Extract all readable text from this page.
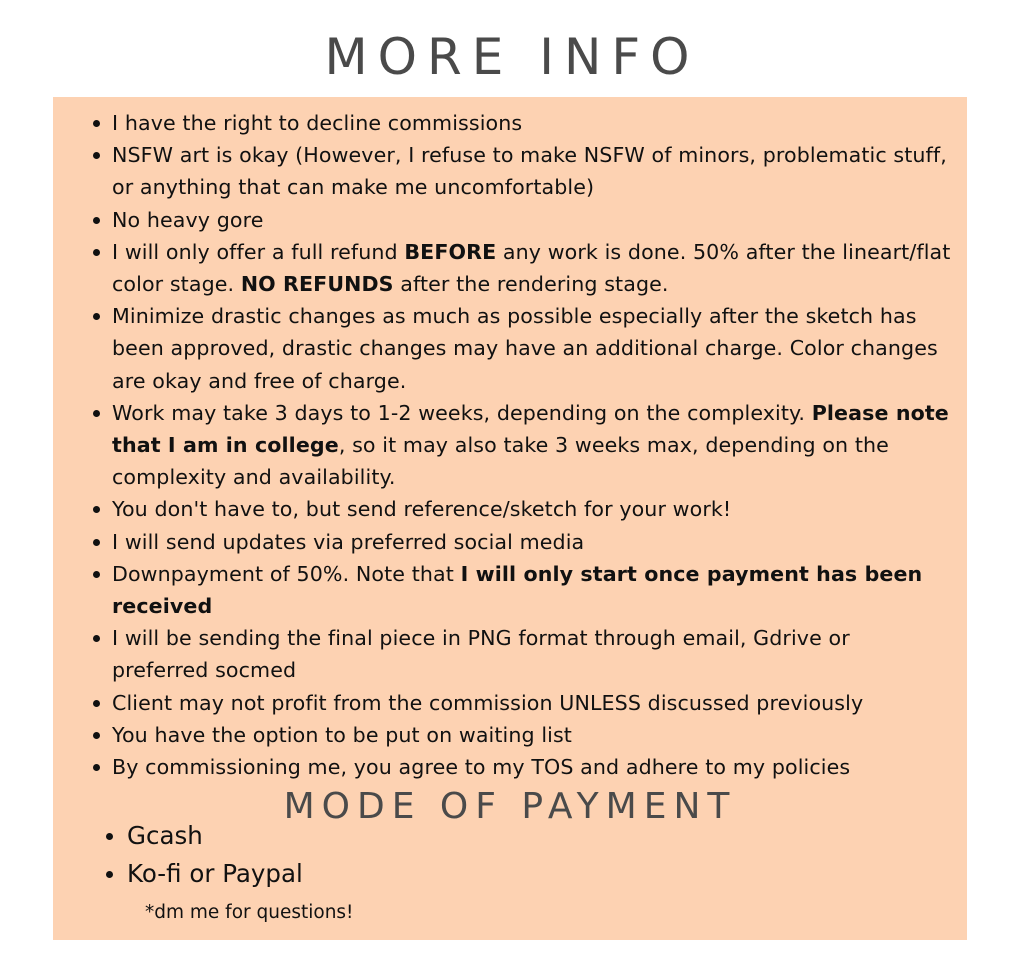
MORE INFO
I have the right to decline commissions
NSFW art is okay (However, I refuse to make NSFW of minors, problematic stuff, or anything that can make me uncomfortable)
No heavy gore
I will only offer a full refund BEFORE any work is done. 50% after the lineart/flat color stage. NO REFUNDS after the rendering stage.
Minimize drastic changes as much as possible especially after the sketch has been approved, drastic changes may have an additional charge. Color changes are okay and free of charge.
Work may take 3 days to 1-2 weeks, depending on the complexity. Please note that I am in college, so it may also take 3 weeks max, depending on the complexity and availability.
You don't have to, but send reference/sketch for your work!
I will send updates via preferred social media
Downpayment of 50%. Note that I will only start once payment has been received
I will be sending the final piece in PNG format through email, Gdrive or preferred socmed
Client may not profit from the commission UNLESS discussed previously
You have the option to be put on waiting list
By commissioning me, you agree to my TOS and adhere to my policies
MODE OF PAYMENT
Gcash
Ko-fi or Paypal
*dm me for questions!
